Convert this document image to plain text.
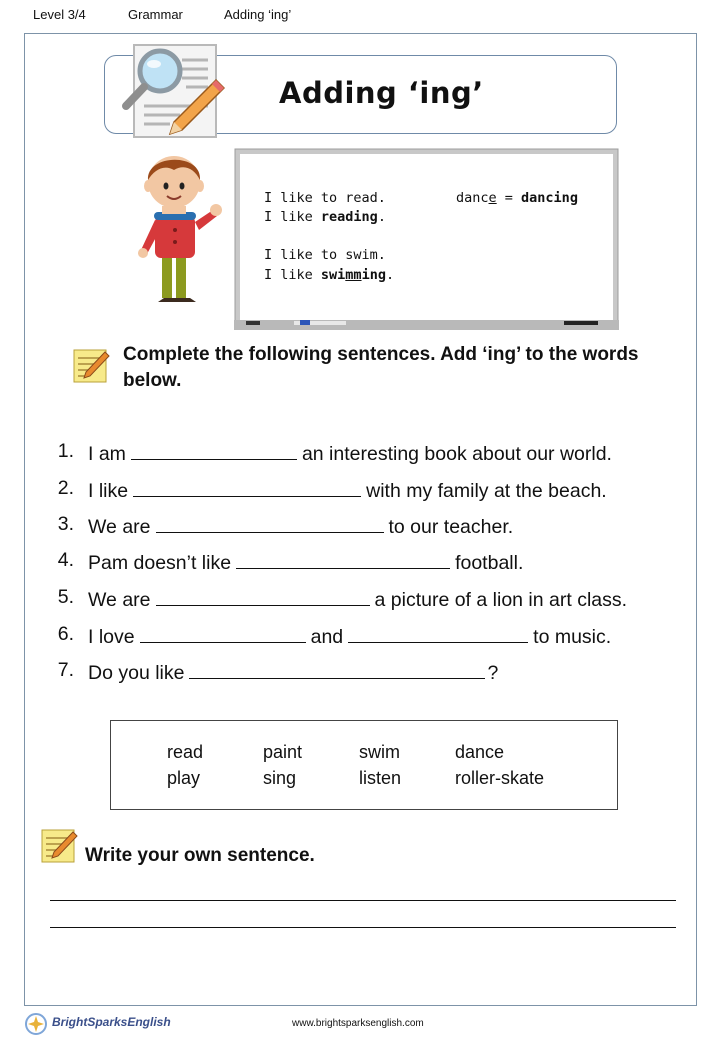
Level 3/4	Grammar	Adding ‘ing’
Adding ‘ing’
I like to read.
I like reading.
I like to swim.
I like swimming.
dance = dancing
Complete the following sentences. Add ‘ing’ to the words below.
1. I am	an interesting book about our world.
2. I like	with my family at the beach.
3. We are	to our teacher.
4. Pam doesn’t like	football.
5. We are	a picture of a lion in art class.
6. I love	and	to music.
7. Do you like	?
read	paint	swim	dance
play	sing	listen	roller-skate
Write your own sentence.
BrightSparksEnglish	www.brightsparksenglish.com
